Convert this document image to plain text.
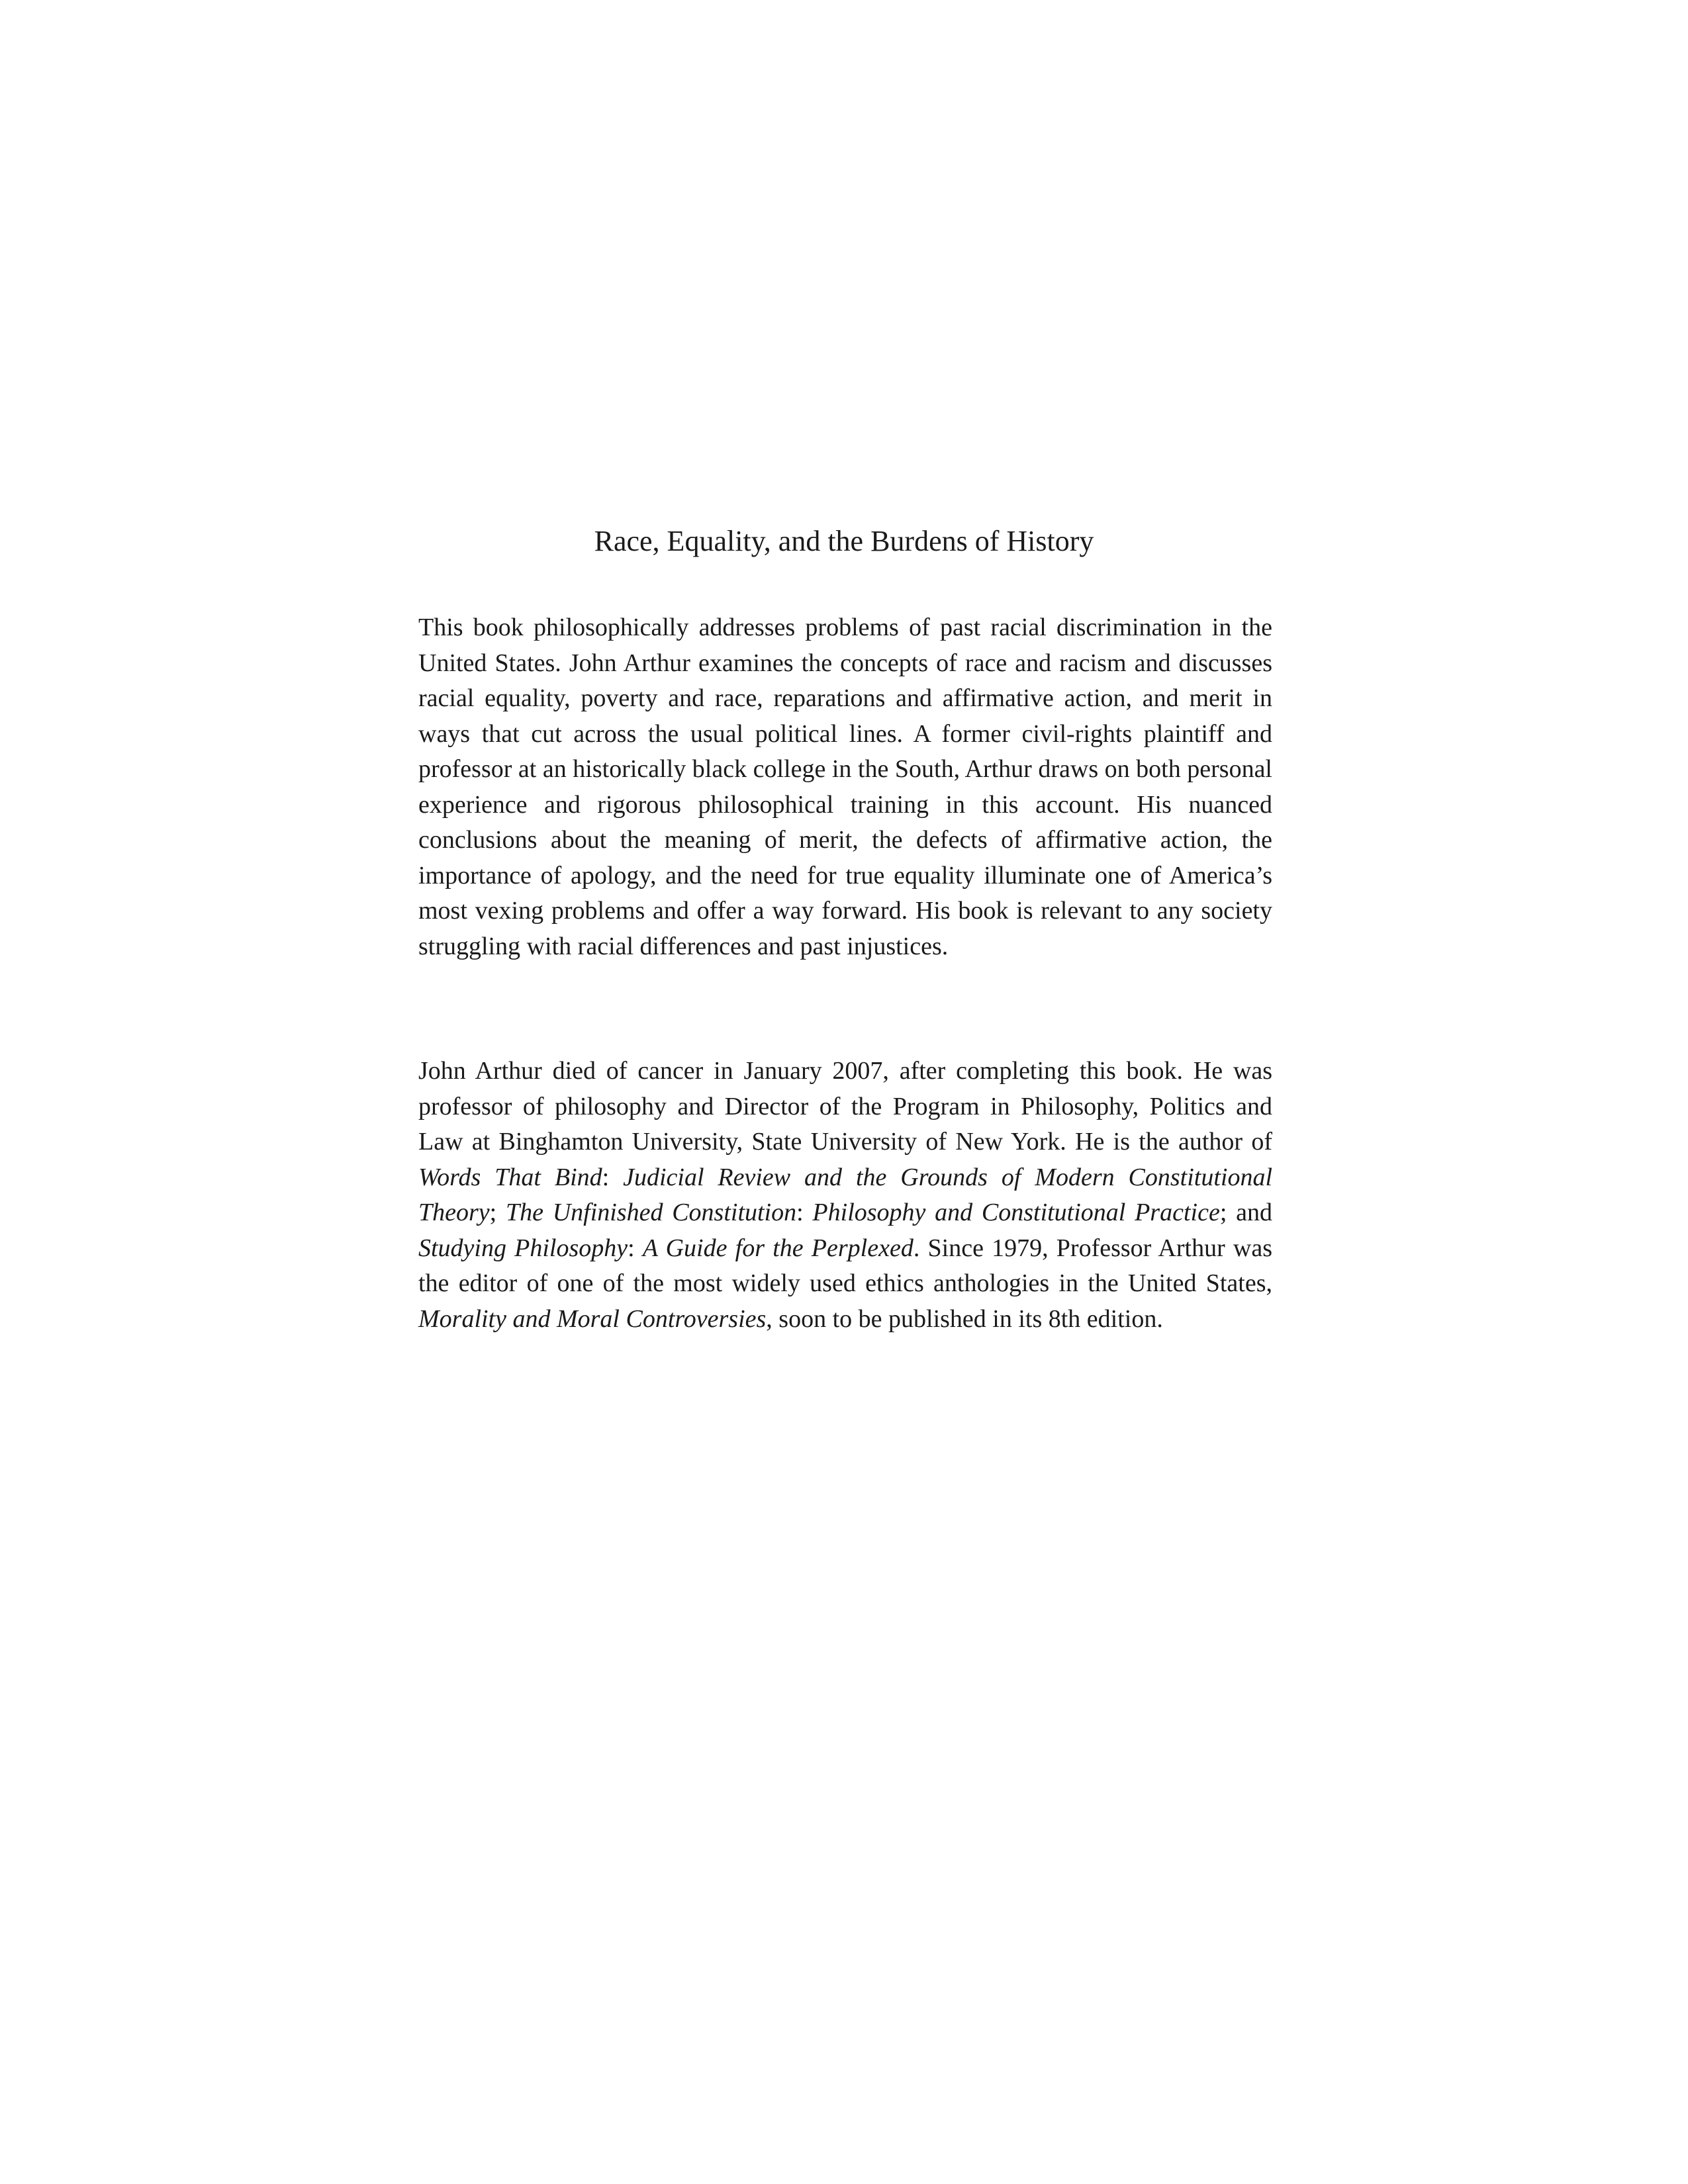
Race, Equality, and the Burdens of History

This book philosophically addresses problems of past racial discrimination in the United States. John Arthur examines the concepts of race and racism and discusses racial equality, poverty and race, reparations and affirmative action, and merit in ways that cut across the usual political lines. A former civil-rights plaintiff and professor at an historically black college in the South, Arthur draws on both personal experience and rigorous philosophical training in this account. His nuanced conclusions about the meaning of merit, the defects of affirmative action, the importance of apology, and the need for true equality illuminate one of America’s most vexing problems and offer a way forward. His book is relevant to any society struggling with racial differences and past injustices.

John Arthur died of cancer in January 2007, after completing this book. He was professor of philosophy and Director of the Program in Philosophy, Politics and Law at Binghamton University, State University of New York. He is the author of Words That Bind: Judicial Review and the Grounds of Modern Constitutional Theory; The Unfinished Constitution: Philosophy and Constitutional Practice; and Studying Philosophy: A Guide for the Perplexed. Since 1979, Professor Arthur was the editor of one of the most widely used ethics anthologies in the United States, Morality and Moral Controversies, soon to be published in its 8th edition.
